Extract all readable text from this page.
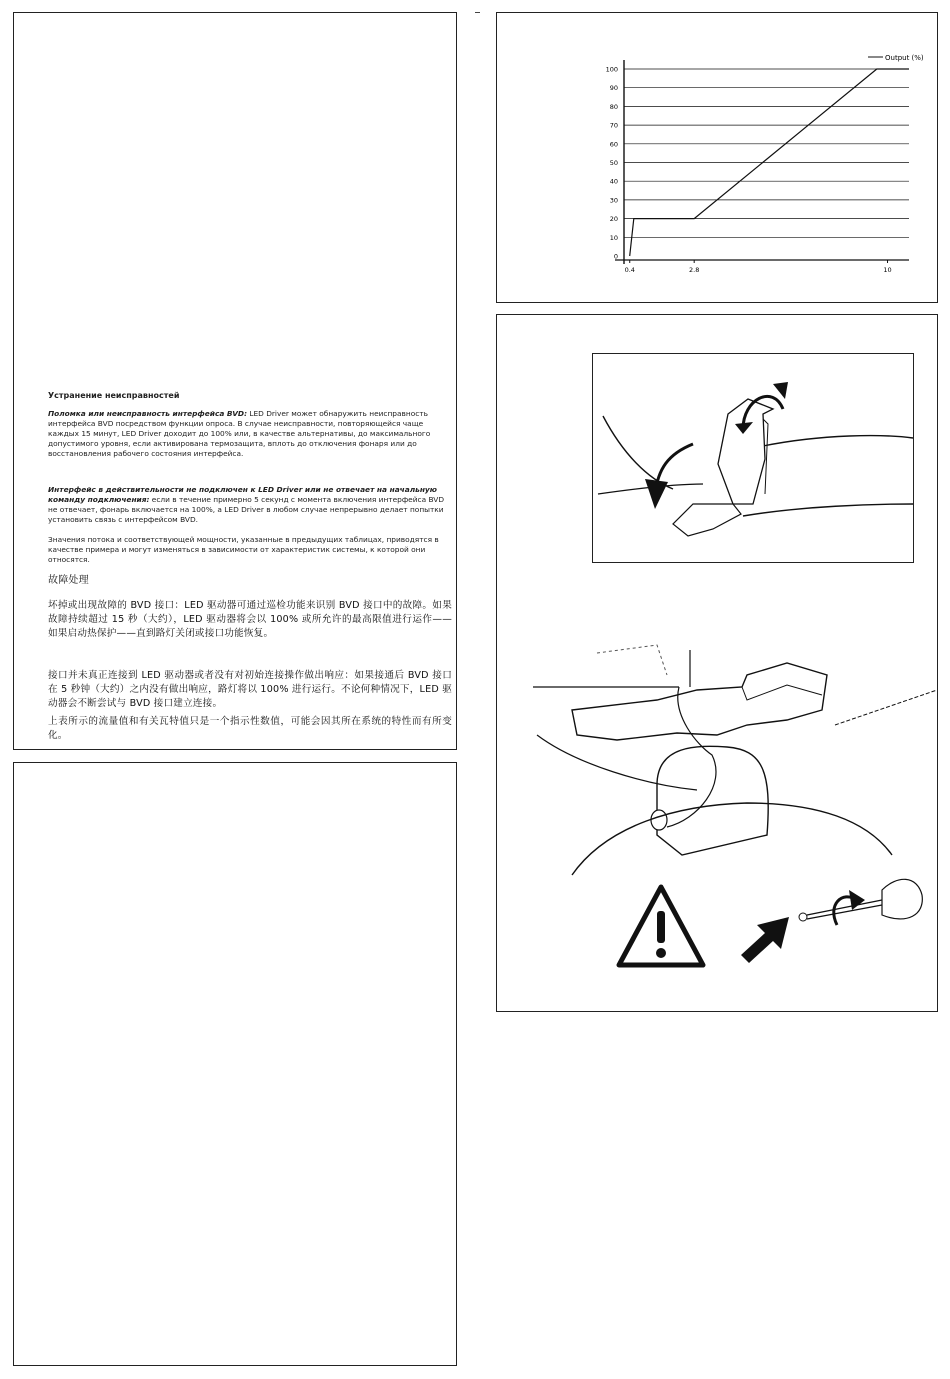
Устранение неисправностей
Поломка или неисправность интерфейса BVD: LED Driver может обнаружить неисправность интерфейса BVD посредством функции опроса. В случае неисправности, повторяющейся чаще каждых 15 минут, LED Driver доходит до 100% или, в качестве альтернативы, до максимального допустимого уровня, если активирована термозащита, вплоть до отключения фонаря или до восстановления рабочего состояния интерфейса.
Интерфейс в действительности не подключен к LED Driver или не отвечает на начальную команду подключения: если в течение примерно 5 секунд с момента включения интерфейса BVD не отвечает, фонарь включается на 100%, а LED Driver в любом случае непрерывно делает попытки установить связь с интерфейсом BVD.
Значения потока и соответствующей мощности, указанные в предыдущих таблицах, приводятся в качестве примера и могут изменяться в зависимости от характеристик системы, к которой они относятся.
故障处理
坏掉或出现故障的 BVD 接口：LED 驱动器可通过巡检功能来识别 BVD 接口中的故障。如果故障持续超过 15 秒（大约），LED 驱动器将会以 100% 或所允许的最高限值进行运作——如果启动热保护——直到路灯关闭或接口功能恢复。
接口并未真正连接到 LED 驱动器或者没有对初始连接操作做出响应：如果接通后 BVD 接口在 5 秒钟（大约）之内没有做出响应，路灯将以 100% 进行运行。不论何种情况下，LED 驱动器会不断尝试与 BVD 接口建立连接。
上表所示的流量值和有关瓦特值只是一个指示性数值，可能会因其所在系统的特性而有所变化。
0
10
20
30
40
50
60
70
80
90
100
0.4	2.8	10
Output (%)
